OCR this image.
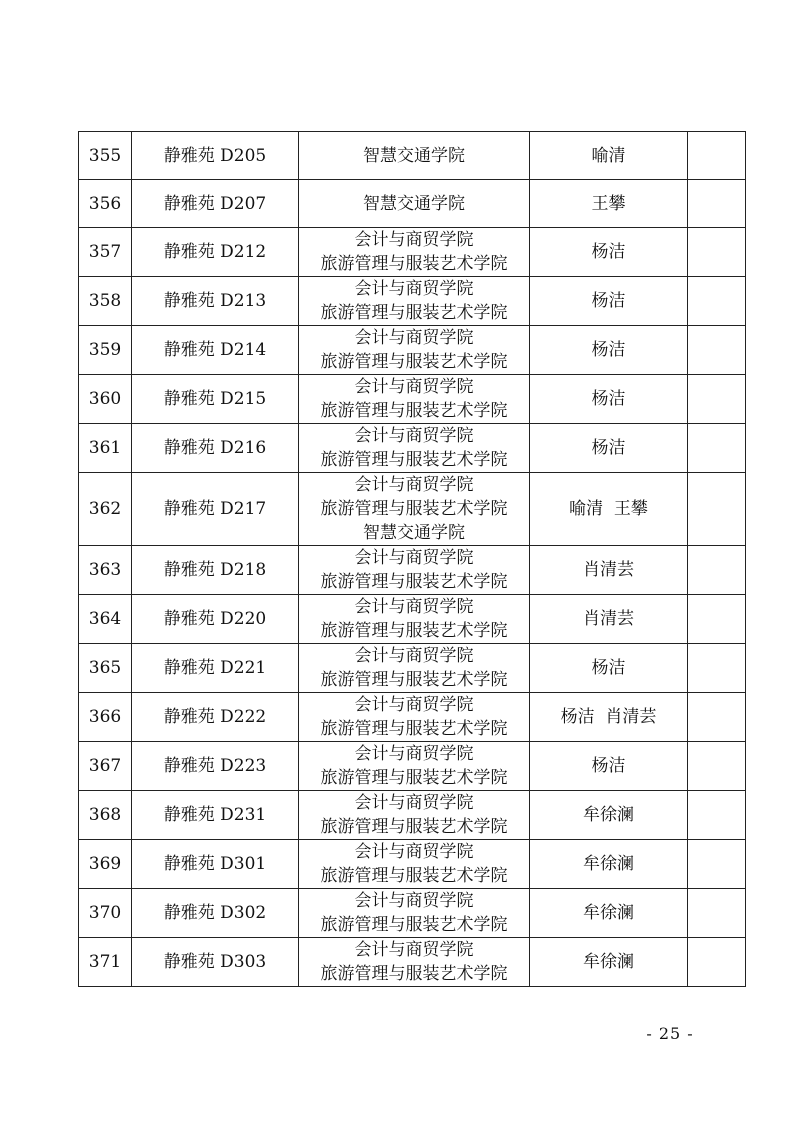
355	静雅苑 D205	智慧交通学院	喻清	
356	静雅苑 D207	智慧交通学院	王攀	
357	静雅苑 D212	会计与商贸学院
旅游管理与服装艺术学院	杨洁	
358	静雅苑 D213	会计与商贸学院
旅游管理与服装艺术学院	杨洁	
359	静雅苑 D214	会计与商贸学院
旅游管理与服装艺术学院	杨洁	
360	静雅苑 D215	会计与商贸学院
旅游管理与服装艺术学院	杨洁	
361	静雅苑 D216	会计与商贸学院
旅游管理与服装艺术学院	杨洁	
362	静雅苑 D217	会计与商贸学院
旅游管理与服装艺术学院
智慧交通学院	喻清  王攀	
363	静雅苑 D218	会计与商贸学院
旅游管理与服装艺术学院	肖清芸	
364	静雅苑 D220	会计与商贸学院
旅游管理与服装艺术学院	肖清芸	
365	静雅苑 D221	会计与商贸学院
旅游管理与服装艺术学院	杨洁	
366	静雅苑 D222	会计与商贸学院
旅游管理与服装艺术学院	杨洁  肖清芸	
367	静雅苑 D223	会计与商贸学院
旅游管理与服装艺术学院	杨洁	
368	静雅苑 D231	会计与商贸学院
旅游管理与服装艺术学院	牟徐澜	
369	静雅苑 D301	会计与商贸学院
旅游管理与服装艺术学院	牟徐澜	
370	静雅苑 D302	会计与商贸学院
旅游管理与服装艺术学院	牟徐澜	
371	静雅苑 D303	会计与商贸学院
旅游管理与服装艺术学院	牟徐澜	
- 25 -
